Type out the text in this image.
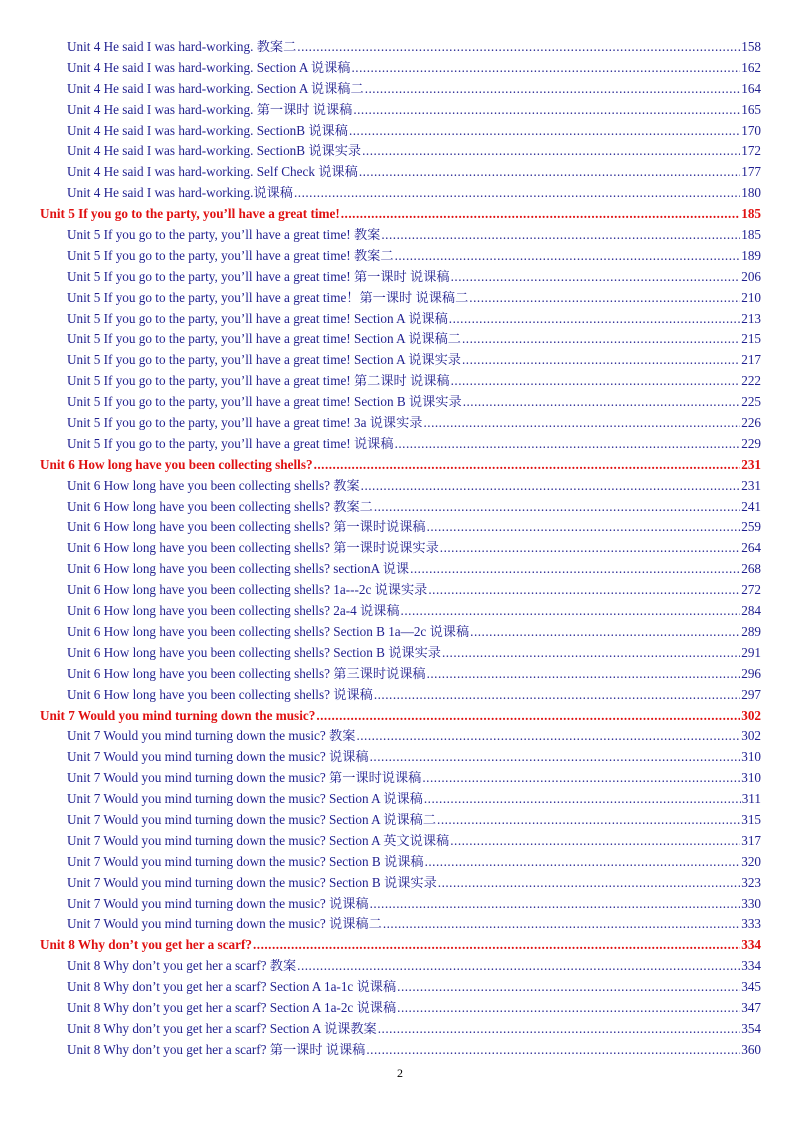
Unit 4 He said I was hard-working. 教案二 .....	158
Unit 4 He said I was hard-working. Section A 说课稿 .....	162
Unit 4 He said I was hard-working. Section A 说课稿二 .....	164
Unit 4 He said I was hard-working. 第一课时 说课稿 .....	165
Unit 4 He said I was hard-working. SectionB 说课稿 .....	170
Unit 4 He said I was hard-working. SectionB 说课实录 .....	172
Unit 4 He said I was hard-working. Self Check 说课稿 .....	177
Unit 4 He said I was hard-working.说课稿 .....	180
Unit 5 If you go to the party, you’ll have a great time! .....	185
Unit 5 If you go to the party, you’ll have a great time! 教案 .....	185
Unit 5 If you go to the party, you’ll have a great time! 教案二 .....	189
Unit 5 If you go to the party, you’ll have a great time! 第一课时 说课稿 .....	206
Unit 5 If you go to the party, you’ll have a great time！第一课时 说课稿二 .....	210
Unit 5 If you go to the party, you’ll have a great time! Section A 说课稿 .....	213
Unit 5 If you go to the party, you’ll have a great time! Section A 说课稿二 .....	215
Unit 5 If you go to the party, you’ll have a great time! Section A 说课实录 .....	217
Unit 5 If you go to the party, you’ll have a great time! 第二课时 说课稿 .....	222
Unit 5 If you go to the party, you’ll have a great time! Section B 说课实录 .....	225
Unit 5 If you go to the party, you’ll have a great time! 3a 说课实录 .....	226
Unit 5 If you go to the party, you’ll have a great time! 说课稿 .....	229
Unit 6 How long have you been collecting shells? .....	231
Unit 6 How long have you been collecting shells? 教案 .....	231
Unit 6 How long have you been collecting shells? 教案二 .....	241
Unit 6 How long have you been collecting shells? 第一课时说课稿 .....	259
Unit 6 How long have you been collecting shells? 第一课时说课实录 .....	264
Unit 6 How long have you been collecting shells? sectionA 说课 .....	268
Unit 6 How long have you been collecting shells? 1a---2c 说课实录 .....	272
Unit 6 How long have you been collecting shells? 2a-4 说课稿 .....	284
Unit 6 How long have you been collecting shells? Section B 1a—2c 说课稿 .....	289
Unit 6 How long have you been collecting shells? Section B 说课实录 .....	291
Unit 6 How long have you been collecting shells? 第三课时说课稿 .....	296
Unit 6 How long have you been collecting shells? 说课稿 .....	297
Unit 7 Would you mind turning down the music? .....	302
Unit 7 Would you mind turning down the music? 教案 .....	302
Unit 7 Would you mind turning down the music? 说课稿 .....	310
Unit 7 Would you mind turning down the music? 第一课时说课稿 .....	310
Unit 7 Would you mind turning down the music? Section A 说课稿 .....	311
Unit 7 Would you mind turning down the music? Section A 说课稿二 .....	315
Unit 7 Would you mind turning down the music? Section A 英文说课稿 .....	317
Unit 7 Would you mind turning down the music? Section B 说课稿 .....	320
Unit 7 Would you mind turning down the music? Section B 说课实录 .....	323
Unit 7 Would you mind turning down the music? 说课稿 .....	330
Unit 7 Would you mind turning down the music? 说课稿二 .....	333
Unit 8 Why don’t you get her a scarf? .....	334
Unit 8 Why don’t you get her a scarf? 教案 .....	334
Unit 8 Why don’t you get her a scarf? Section A 1a-1c 说课稿 .....	345
Unit 8 Why don’t you get her a scarf? Section A 1a-2c 说课稿 .....	347
Unit 8 Why don’t you get her a scarf? Section A 说课教案 .....	354
Unit 8 Why don’t you get her a scarf? 第一课时 说课稿 .....	360
2
